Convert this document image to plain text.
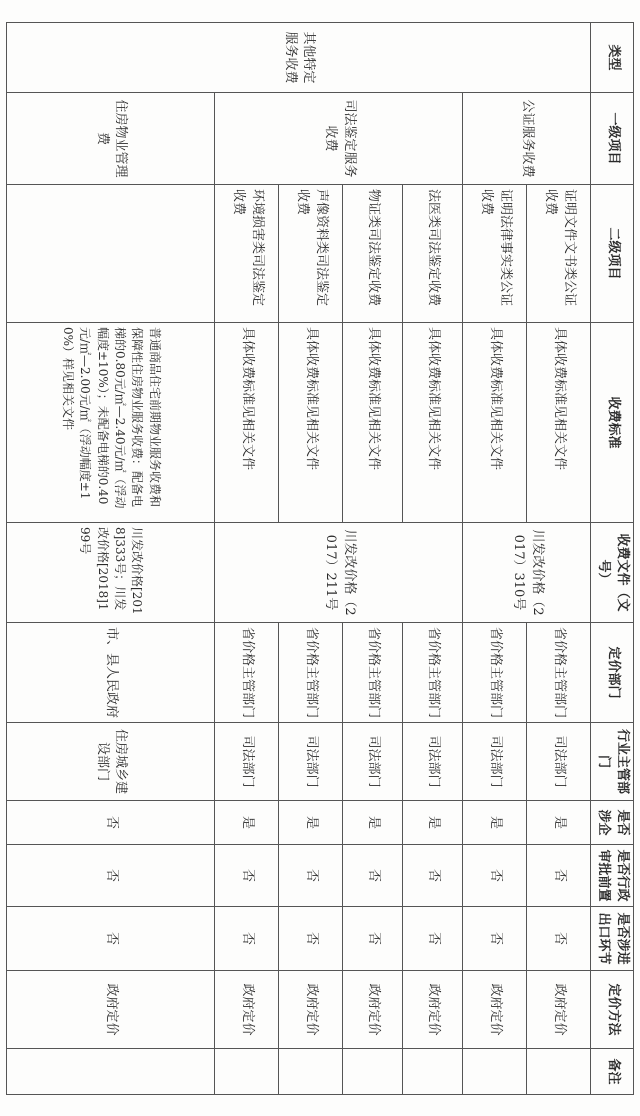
类型	一级项目	二级项目	收费标准	收费文件（文号）	定价部门	行业主管部门	是否涉企	是否行政审批前置	是否涉进出口环节	定价方法	备注
其他特定服务收费	公证服务收费	证明文件文书类公证收费	具体收费标准见相关文件	川发改价格（2017）310号	省价格主管部门	司法部门	是	否	否	政府定价	
		证明法律事实类公证收费	具体收费标准见相关文件		省价格主管部门	司法部门	是	否	否	政府定价	
	司法鉴定服务收费	法医类司法鉴定收费	具体收费标准见相关文件	川发改价格（2017）211号	省价格主管部门	司法部门	是	否	否	政府定价	
		物证类司法鉴定收费	具体收费标准见相关文件		省价格主管部门	司法部门	是	否	否	政府定价	
		声像资料类司法鉴定收费	具体收费标准见相关文件		省价格主管部门	司法部门	是	否	否	政府定价	
		环境损害类司法鉴定收费	具体收费标准见相关文件		省价格主管部门	司法部门	是	否	否	政府定价	
	住房物业管理费		普通商品住宅前期物业服务收费和保障性住房物业服务收费：配备电梯的0.80元/㎡—2.40元/㎡（浮动幅度±10%）；未配备电梯的0.40元/㎡—2.00元/㎡（浮动幅度±10%）样见相关文件	川发改价格[2018]333号；川发改价格[2018]199号	市、县人民政府	住房城乡建设部门	否	否	否	政府定价	
